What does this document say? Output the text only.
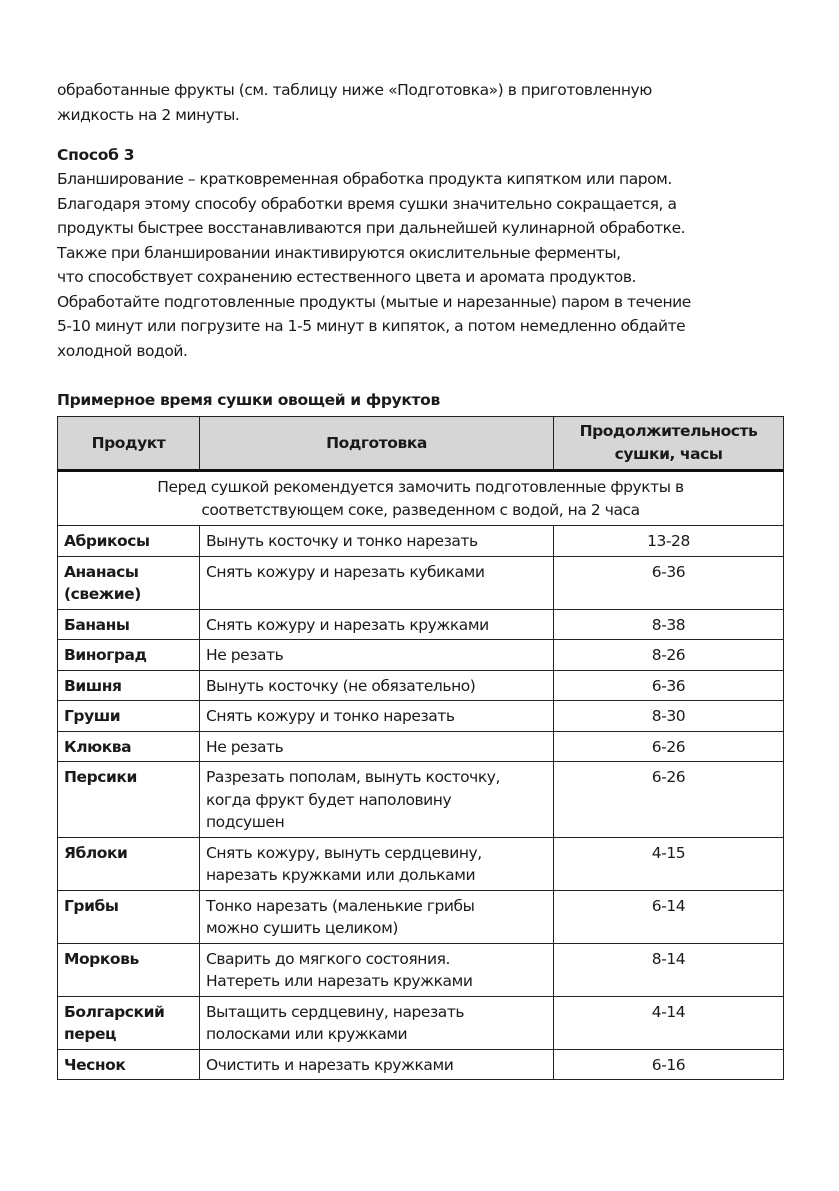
обработанные фрукты (см. таблицу ниже «Подготовка») в приготовленную
жидкость на 2 минуты.

Способ 3

Бланширование – кратковременная обработка продукта кипятком или паром.
Благодаря этому способу обработки время сушки значительно сокращается, а
продукты быстрее восстанавливаются при дальнейшей кулинарной обработке.
Также при бланшировании инактивируются окислительные ферменты,
что способствует сохранению естественного цвета и аромата продуктов.
Обработайте подготовленные продукты (мытые и нарезанные) паром в течение
5-10 минут или погрузите на 1-5 минут в кипяток, а потом немедленно обдайте
холодной водой.

Примерное время сушки овощей и фруктов
Продукт	Подготовка	Продолжительность
сушки, часы
Перед сушкой рекомендуется замочить подготовленные фрукты в
соответствующем соке, разведенном с водой, на 2 часа		
Абрикосы	Вынуть косточку и тонко нарезать	13-28
Ананасы
(свежие)	Снять кожуру и нарезать кубиками	6-36
Бананы	Снять кожуру и нарезать кружками	8-38
Виноград	Не резать	8-26
Вишня	Вынуть косточку (не обязательно)	6-36
Груши	Снять кожуру и тонко нарезать	8-30
Клюква	Не резать	6-26
Персики	Разрезать пополам, вынуть косточку,
когда фрукт будет наполовину
подсушен	6-26
Яблоки	Снять кожуру, вынуть сердцевину,
нарезать кружками или дольками	4-15
Грибы	Тонко нарезать (маленькие грибы
можно сушить целиком)	6-14
Морковь	Сварить до мягкого состояния.
Натереть или нарезать кружками	8-14
Болгарский
перец	Вытащить сердцевину, нарезать
полосками или кружками	4-14
Чеснок	Очистить и нарезать кружками	6-16
